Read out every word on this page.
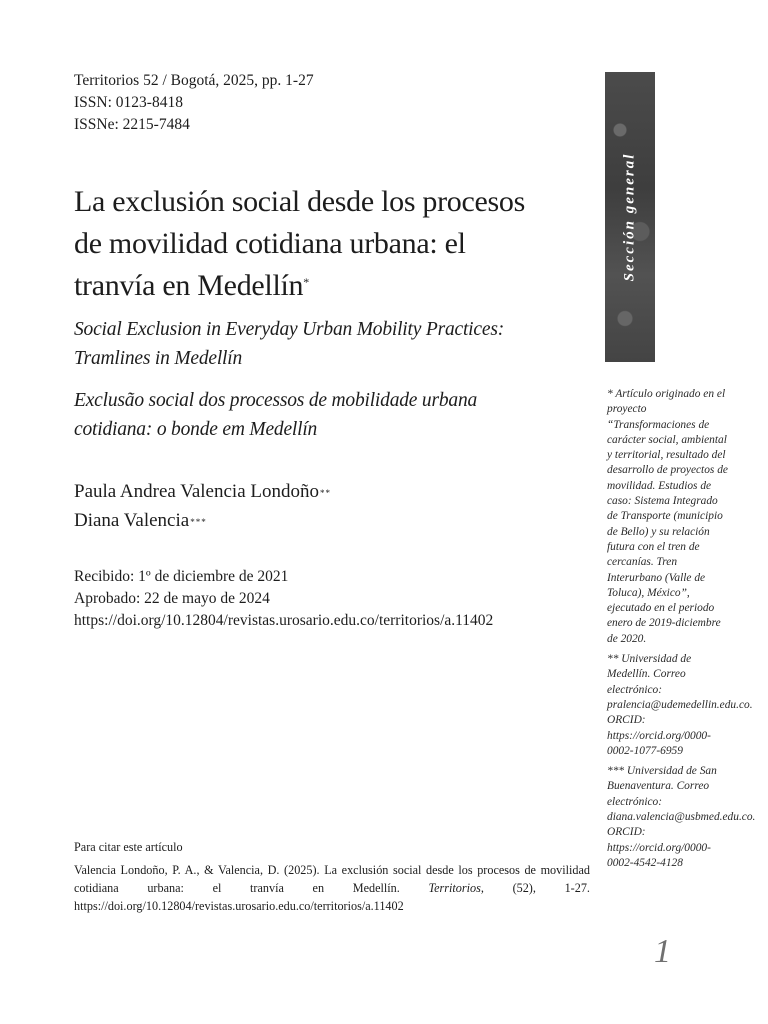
Territorios 52 / Bogotá, 2025, pp. 1-27
ISSN: 0123-8418
ISSNe: 2215-7484
La exclusión social desde los procesos de movilidad cotidiana urbana: el tranvía en Medellín*
Social Exclusion in Everyday Urban Mobility Practices: Tramlines in Medellín
Exclusão social dos processos de mobilidade urbana cotidiana: o bonde em Medellín
Paula Andrea Valencia Londoño**
Diana Valencia***
Recibido: 1º de diciembre de 2021
Aprobado: 22 de mayo de 2024
https://doi.org/10.12804/revistas.urosario.edu.co/territorios/a.11402
Sección general

* Artículo originado en el proyecto “Transformaciones de carácter social, ambiental y territorial, resultado del desarrollo de proyectos de movilidad. Estudios de caso: Sistema Integrado de Transporte (municipio de Bello) y su relación futura con el tren de cercanías. Tren Interurbano (Valle de Toluca), México”, ejecutado en el periodo enero de 2019-diciembre de 2020.

** Universidad de Medellín. Correo electrónico: pralencia@udemedellin.edu.co. ORCID: https://orcid.org/0000-0002-1077-6959

*** Universidad de San Buenaventura. Correo electrónico: diana.valencia@usbmed.edu.co. ORCID: https://orcid.org/0000-0002-4542-4128

Para citar este artículo
Valencia Londoño, P. A., & Valencia, D. (2025). La exclusión social desde los procesos de movilidad cotidiana urbana: el tranvía en Medellín. Territorios, (52), 1-27. https://doi.org/10.12804/revistas.urosario.edu.co/territorios/a.11402
1
